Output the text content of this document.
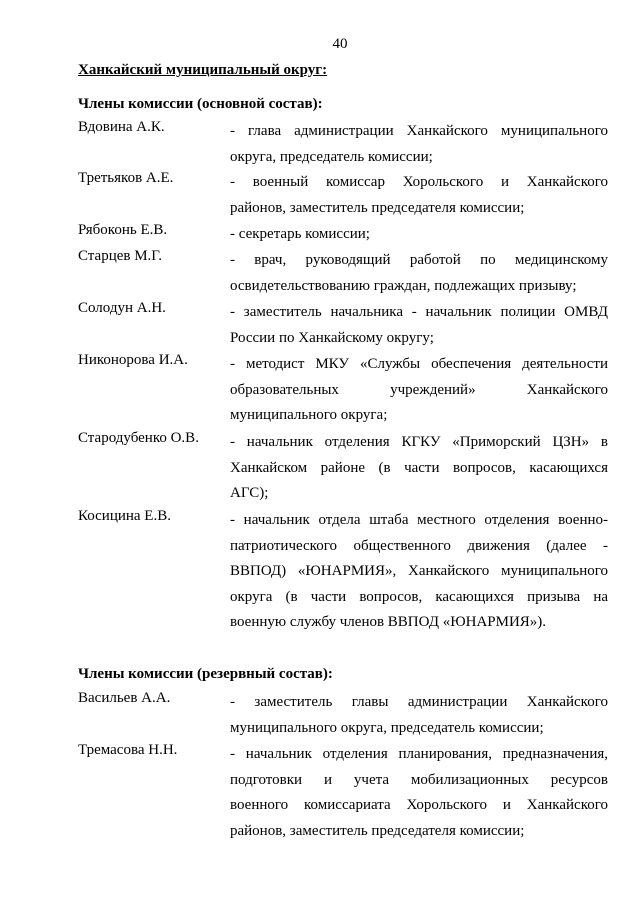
40
Ханкайский муниципальный округ:
Члены комиссии (основной состав):
Вдовина А.К.	- глава администрации Ханкайского муниципального
округа, председатель комиссии;
Третьяков А.Е.	- военный комиссар Хорольского и Ханкайского
районов, заместитель председателя комиссии;
Рябоконь Е.В.	- секретарь комиссии;
Старцев М.Г.	- врач, руководящий работой по медицинскому
освидетельствованию граждан, подлежащих призыву;
Солодун А.Н.	- заместитель начальника - начальник полиции ОМВД
России по Ханкайскому округу;
Никонорова И.А.	- методист МКУ «Службы обеспечения деятельности
образовательных учреждений» Ханкайского
муниципального округа;
Стародубенко О.В. - начальник отделения КГКУ «Приморский ЦЗН» в
Ханкайском районе (в части вопросов, касающихся
АГС);
Косицина Е.В.	- начальник отдела штаба местного отделения военно-
патриотического общественного движения (далее -
ВВПОД) «ЮНАРМИЯ», Ханкайского муниципального
округа (в части вопросов, касающихся призыва на
военную службу членов ВВПОД «ЮНАРМИЯ»).
Члены комиссии (резервный состав):
Васильев А.А.	- заместитель главы администрации Ханкайского
муниципального округа, председатель комиссии;
Тремасова Н.Н.	- начальник отделения планирования, предназначения,
подготовки и учета мобилизационных ресурсов
военного комиссариата Хорольского и Ханкайского
районов, заместитель председателя комиссии;
